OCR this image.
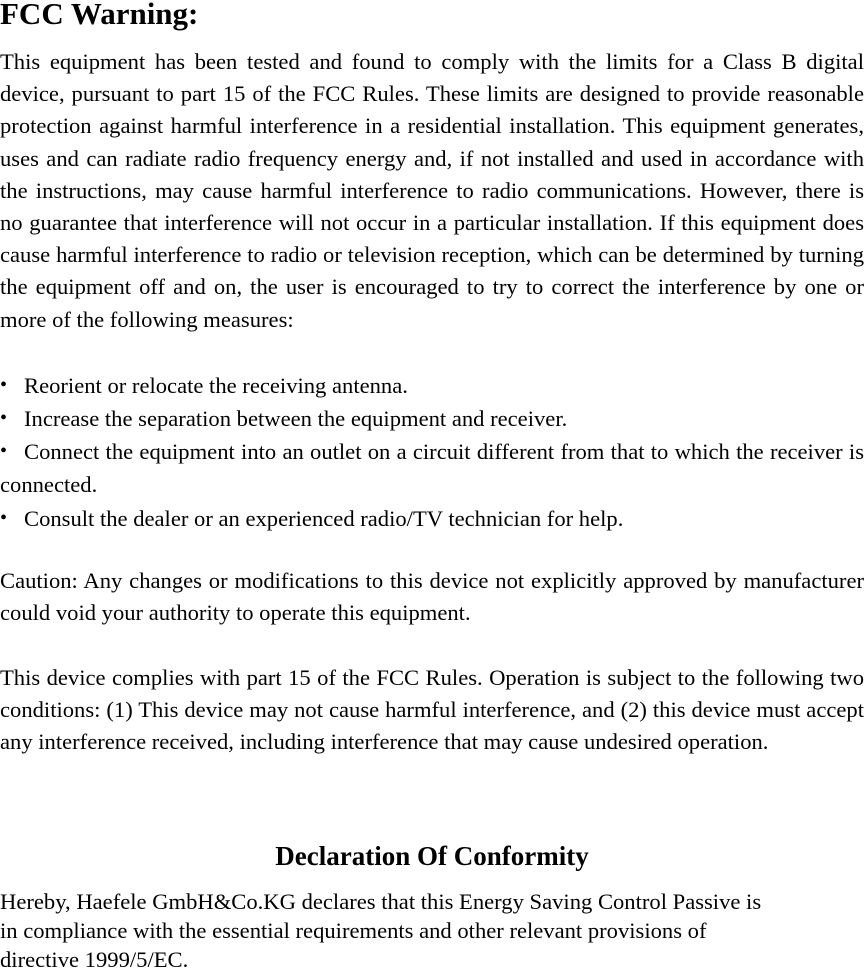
FCC Warning:

This equipment has been tested and found to comply with the limits for a Class B digital device, pursuant to part 15 of the FCC Rules. These limits are designed to provide reasonable protection against harmful interference in a residential installation. This equipment generates, uses and can radiate radio frequency energy and, if not installed and used in accordance with the instructions, may cause harmful interference to radio communications. However, there is no guarantee that interference will not occur in a particular installation. If this equipment does cause harmful interference to radio or television reception, which can be determined by turning the equipment off and on, the user is encouraged to try to correct the interference by one or more of the following measures:

• Reorient or relocate the receiving antenna.
• Increase the separation between the equipment and receiver.
• Connect the equipment into an outlet on a circuit different from that to which the receiver is connected.
• Consult the dealer or an experienced radio/TV technician for help.

Caution: Any changes or modifications to this device not explicitly approved by manufacturer could void your authority to operate this equipment.

This device complies with part 15 of the FCC Rules. Operation is subject to the following two conditions: (1) This device may not cause harmful interference, and (2) this device must accept any interference received, including interference that may cause undesired operation.

Declaration Of Conformity

Hereby, Haefele GmbH&Co.KG declares that this Energy Saving Control Passive is
in compliance with the essential requirements and other relevant provisions of
directive 1999/5/EC.
